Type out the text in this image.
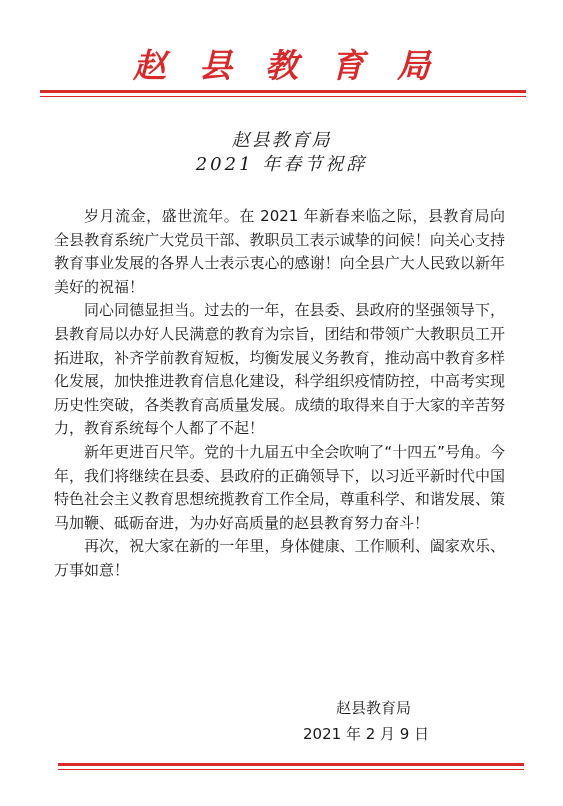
赵县教育局
赵县教育局
2021 年春节祝辞

岁月流金，盛世流年。在 2021 年新春来临之际，县教育局向全县教育系统广大党员干部、教职员工表示诚挚的问候！向关心支持教育事业发展的各界人士表示衷心的感谢！向全县广大人民致以新年美好的祝福！

同心同德显担当。过去的一年，在县委、县政府的坚强领导下，县教育局以办好人民满意的教育为宗旨，团结和带领广大教职员工开拓进取，补齐学前教育短板，均衡发展义务教育，推动高中教育多样化发展，加快推进教育信息化建设，科学组织疫情防控，中高考实现历史性突破，各类教育高质量发展。成绩的取得来自于大家的辛苦努力，教育系统每个人都了不起！

新年更进百尺竿。党的十九届五中全会吹响了“十四五”号角。今年，我们将继续在县委、县政府的正确领导下，以习近平新时代中国特色社会主义教育思想统揽教育工作全局，尊重科学、和谐发展、策马加鞭、砥砺奋进，为办好高质量的赵县教育努力奋斗！

再次，祝大家在新的一年里，身体健康、工作顺利、阖家欢乐、万事如意！

赵县教育局
2021 年 2 月 9 日
